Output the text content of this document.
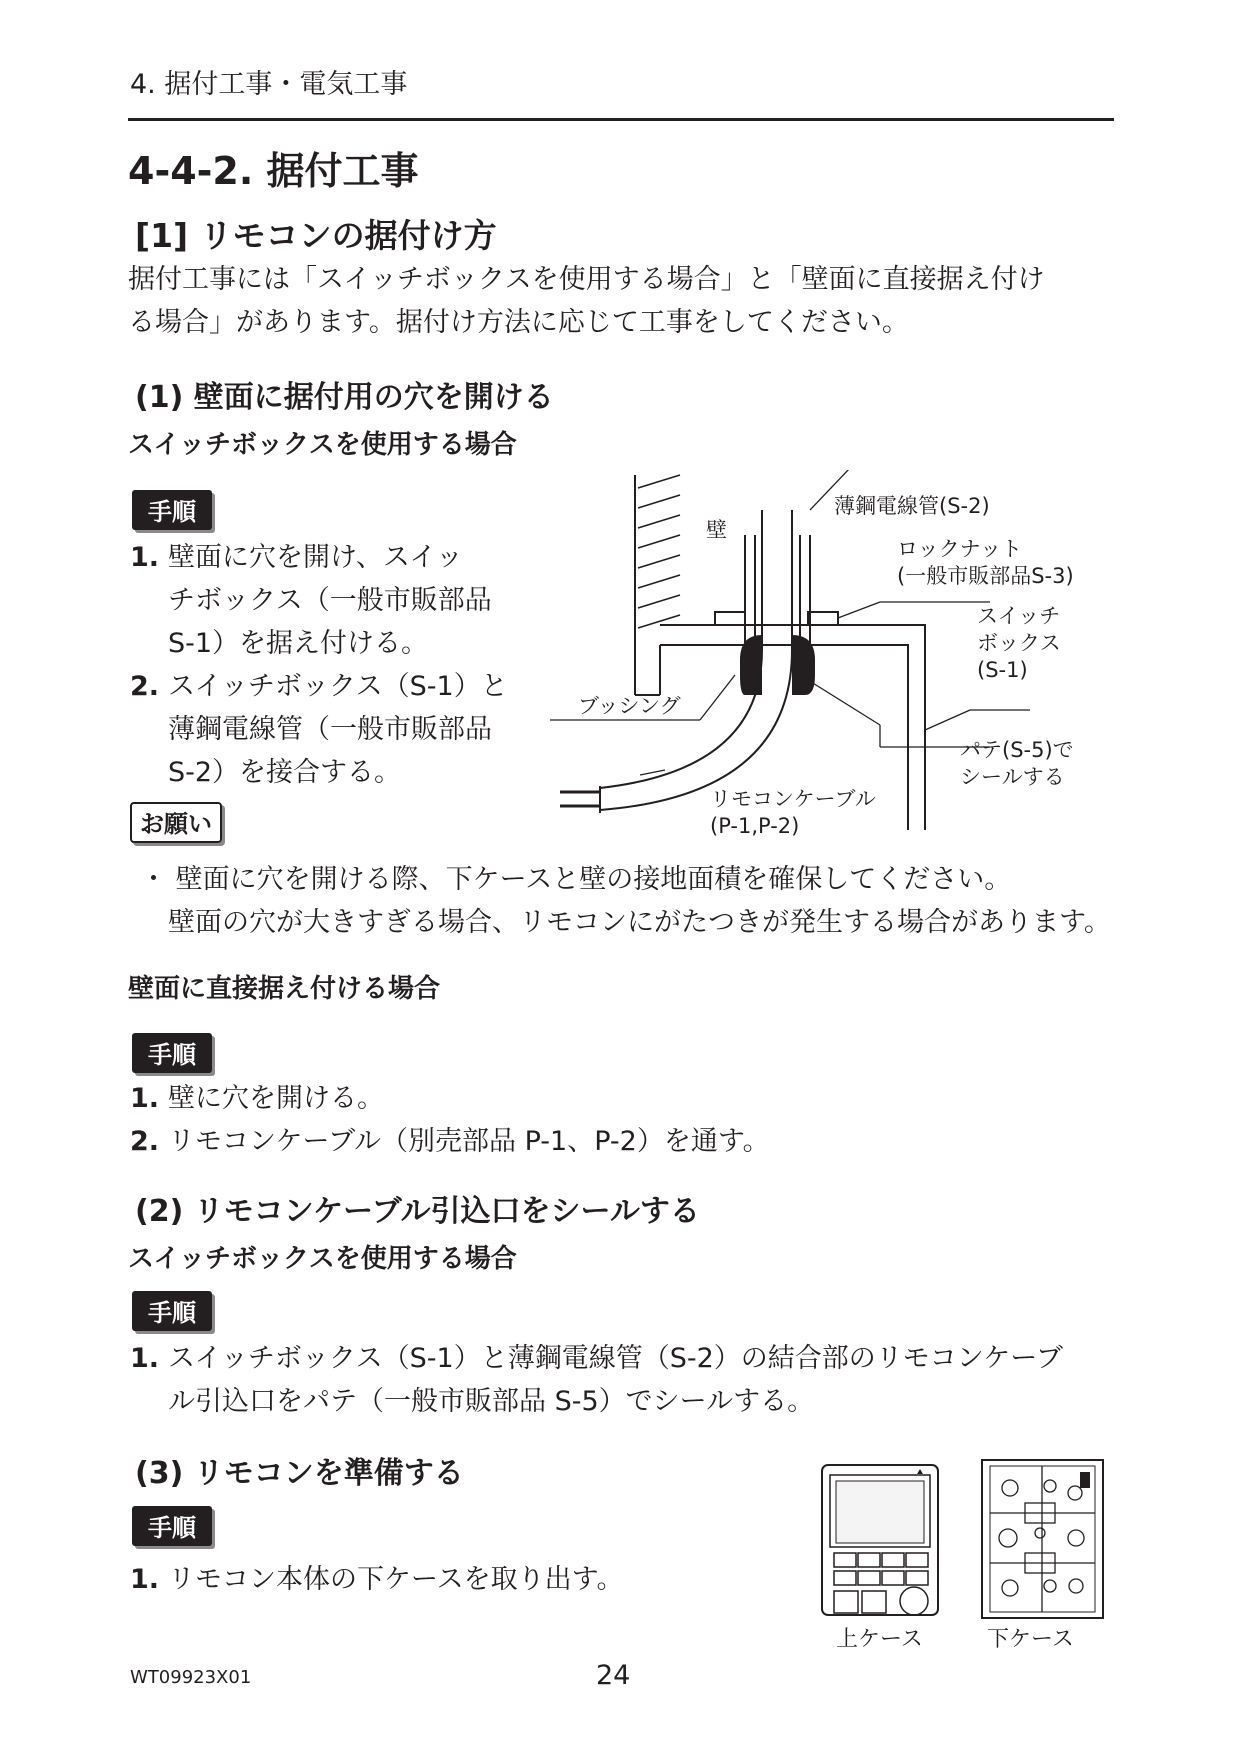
4. 据付工事・電気工事
4-4-2. 据付工事
[1] リモコンの据付け方
据付工事には「スイッチボックスを使用する場合」と「壁面に直接据え付け
る場合」があります。据付け方法に応じて工事をしてください。
(1) 壁面に据付用の穴を開ける
スイッチボックスを使用する場合
手順
1. 壁面に穴を開け、スイッ
チボックス（一般市販部品
S-1）を据え付ける。
2. スイッチボックス（S-1）と
薄鋼電線管（一般市販部品
S-2）を接合する。
壁
薄鋼電線管(S-2)
ロックナット
(一般市販部品S-3)
スイッチ
ボックス
(S-1)
ブッシング
パテ(S-5)で
シールする
リモコンケーブル
(P-1,P-2)
お願い
・ 壁面に穴を開ける際、下ケースと壁の接地面積を確保してください。
壁面の穴が大きすぎる場合、リモコンにがたつきが発生する場合があります。
壁面に直接据え付ける場合
手順
1. 壁に穴を開ける。
2. リモコンケーブル（別売部品 P-1、P-2）を通す。
(2) リモコンケーブル引込口をシールする
スイッチボックスを使用する場合
手順
1. スイッチボックス（S-1）と薄鋼電線管（S-2）の結合部のリモコンケーブ
ル引込口をパテ（一般市販部品 S-5）でシールする。
(3) リモコンを準備する
手順
1. リモコン本体の下ケースを取り出す。
上ケース	下ケース
WT09923X01	24
